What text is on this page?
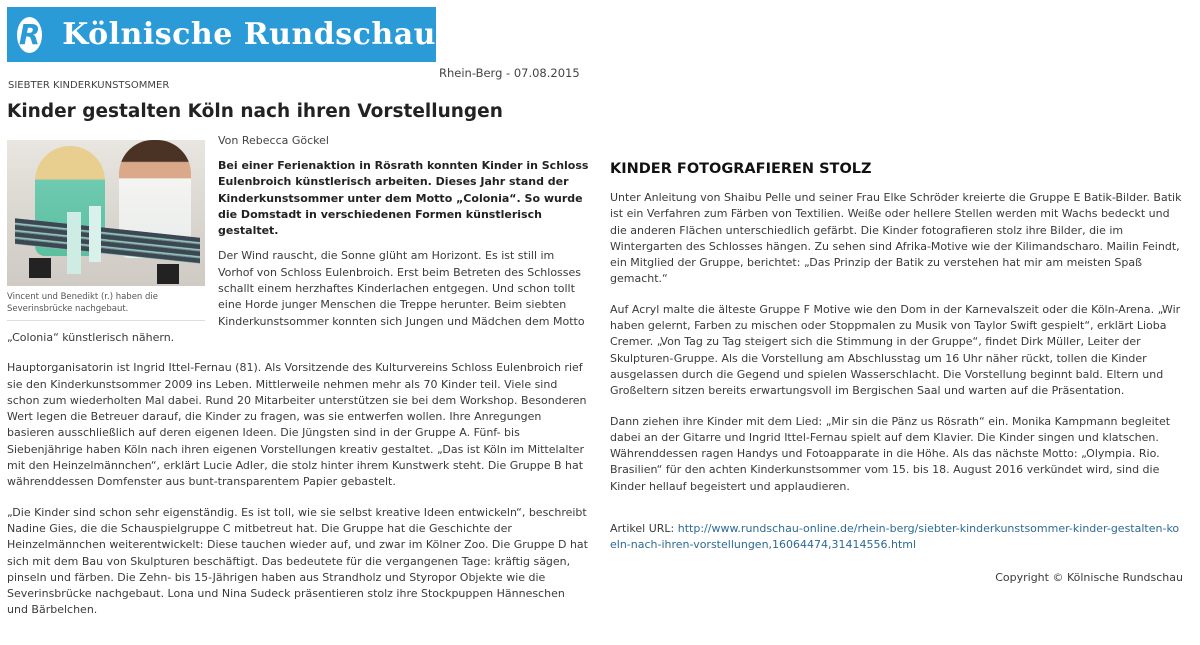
R Kölnische Rundschau
Rhein-Berg - 07.08.2015
SIEBTER KINDERKUNSTSOMMER
Kinder gestalten Köln nach ihren Vorstellungen
Vincent und Benedikt (r.) haben die Severinsbrücke nachgebaut.
Von Rebecca Göckel

Bei einer Ferienaktion in Rösrath konnten Kinder in Schloss Eulenbroich künstlerisch arbeiten. Dieses Jahr stand der Kinderkunstsommer unter dem Motto „Colonia“. So wurde die Domstadt in verschiedenen Formen künstlerisch gestaltet.

Der Wind rauscht, die Sonne glüht am Horizont. Es ist still im Vorhof von Schloss Eulenbroich. Erst beim Betreten des Schlosses schallt einem herzhaftes Kinderlachen entgegen. Und schon tollt eine Horde junger Menschen die Treppe herunter. Beim siebten Kinderkunstsommer konnten sich Jungen und Mädchen dem Motto „Colonia“ künstlerisch nähern.

Hauptorganisatorin ist Ingrid Ittel-Fernau (81). Als Vorsitzende des Kulturvereins Schloss Eulenbroich rief sie den Kinderkunstsommer 2009 ins Leben. Mittlerweile nehmen mehr als 70 Kinder teil. Viele sind schon zum wiederholten Mal dabei. Rund 20 Mitarbeiter unterstützen sie bei dem Workshop. Besonderen Wert legen die Betreuer darauf, die Kinder zu fragen, was sie entwerfen wollen. Ihre Anregungen basieren ausschließlich auf deren eigenen Ideen. Die Jüngsten sind in der Gruppe A. Fünf- bis Siebenjährige haben Köln nach ihren eigenen Vorstellungen kreativ gestaltet. „Das ist Köln im Mittelalter mit den Heinzelmännchen“, erklärt Lucie Adler, die stolz hinter ihrem Kunstwerk steht. Die Gruppe B hat währenddessen Domfenster aus bunt-transparentem Papier gebastelt.

„Die Kinder sind schon sehr eigenständig. Es ist toll, wie sie selbst kreative Ideen entwickeln“, beschreibt Nadine Gies, die die Schauspielgruppe C mitbetreut hat. Die Gruppe hat die Geschichte der Heinzelmännchen weiterentwickelt: Diese tauchen wieder auf, und zwar im Kölner Zoo. Die Gruppe D hat sich mit dem Bau von Skulpturen beschäftigt. Das bedeutete für die vergangenen Tage: kräftig sägen, pinseln und färben. Die Zehn- bis 15-Jährigen haben aus Strandholz und Styropor Objekte wie die Severinsbrücke nachgebaut. Lona und Nina Sudeck präsentieren stolz ihre Stockpuppen Hänneschen und Bärbelchen.

KINDER FOTOGRAFIEREN STOLZ

Unter Anleitung von Shaibu Pelle und seiner Frau Elke Schröder kreierte die Gruppe E Batik-Bilder. Batik ist ein Verfahren zum Färben von Textilien. Weiße oder hellere Stellen werden mit Wachs bedeckt und die anderen Flächen unterschiedlich gefärbt. Die Kinder fotografieren stolz ihre Bilder, die im Wintergarten des Schlosses hängen. Zu sehen sind Afrika-Motive wie der Kilimandscharo. Mailin Feindt, ein Mitglied der Gruppe, berichtet: „Das Prinzip der Batik zu verstehen hat mir am meisten Spaß gemacht.“

Auf Acryl malte die älteste Gruppe F Motive wie den Dom in der Karnevalszeit oder die Köln-Arena. „Wir haben gelernt, Farben zu mischen oder Stoppmalen zu Musik von Taylor Swift gespielt“, erklärt Lioba Cremer. „Von Tag zu Tag steigert sich die Stimmung in der Gruppe“, findet Dirk Müller, Leiter der Skulpturen-Gruppe. Als die Vorstellung am Abschlusstag um 16 Uhr näher rückt, tollen die Kinder ausgelassen durch die Gegend und spielen Wasserschlacht. Die Vorstellung beginnt bald. Eltern und Großeltern sitzen bereits erwartungsvoll im Bergischen Saal und warten auf die Präsentation.

Dann ziehen ihre Kinder mit dem Lied: „Mir sin die Pänz us Rösrath“ ein. Monika Kampmann begleitet dabei an der Gitarre und Ingrid Ittel-Fernau spielt auf dem Klavier. Die Kinder singen und klatschen. Währenddessen ragen Handys und Fotoapparate in die Höhe. Als das nächste Motto: „Olympia. Rio. Brasilien“ für den achten Kinderkunstsommer vom 15. bis 18. August 2016 verkündet wird, sind die Kinder hellauf begeistert und applaudieren.

Artikel URL: http://www.rundschau-online.de/rhein-berg/siebter-kinderkunstsommer-kinder-gestalten-koeln-nach-ihren-vorstellungen,16064474,31414556.html
Copyright © Kölnische Rundschau
